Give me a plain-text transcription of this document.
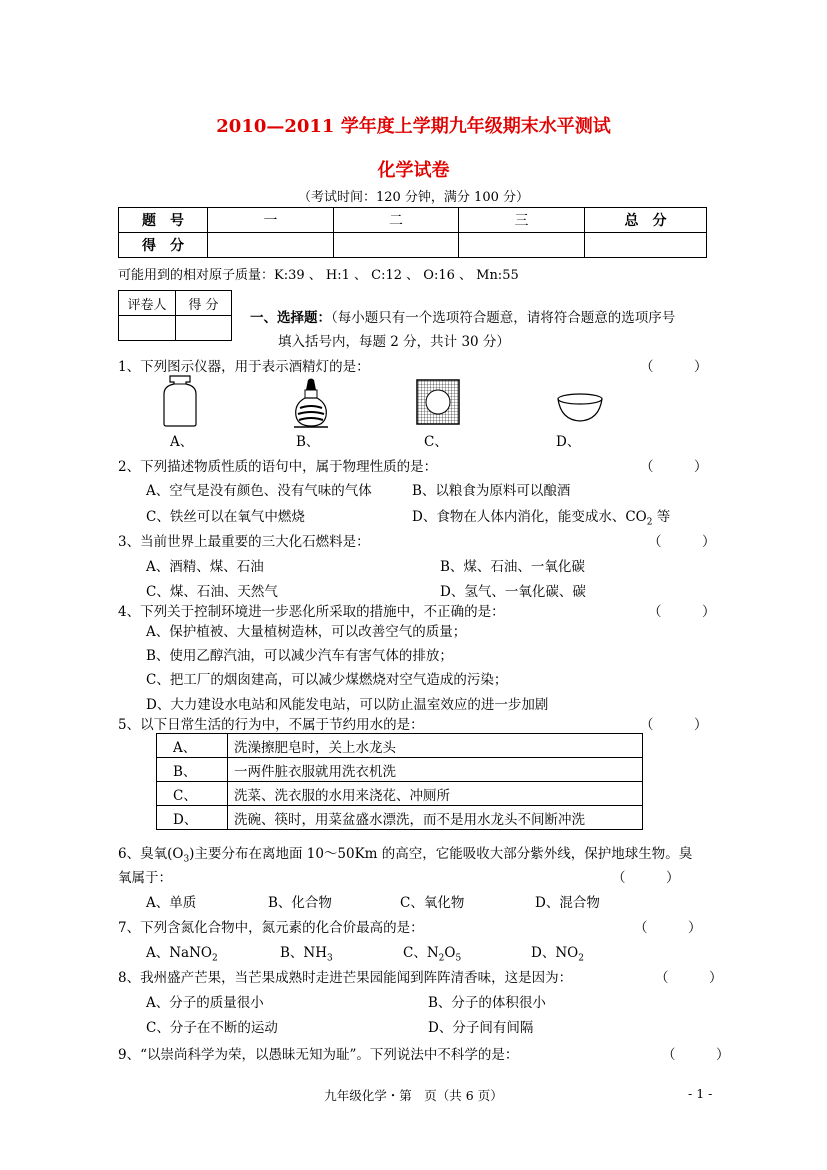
2010—2011 学年度上学期九年级期末水平测试
化学试卷
（考试时间：120 分钟，满分 100 分）
题　号	一	二	三	总　分
得　分				
可能用到的相对原子质量：K:39 、 H:1 、 C:12 、 O:16 、 Mn:55
评卷人	得 分

一、选择题：（每小题只有一个选项符合题意，请将符合题意的选项序号
填入括号内，每题 2 分，共计 30 分）
1、下列图示仪器，用于表示酒精灯的是：	（　　　）
A、	B、	C、	D、
2、下列描述物质性质的语句中，属于物理性质的是：	（　　　）
A、空气是没有颜色、没有气味的气体	B、以粮食为原料可以酿酒
C、铁丝可以在氧气中燃烧	D、食物在人体内消化，能变成水、$CO_2$ 等
3、当前世界上最重要的三大化石燃料是：	（　　　）
A、酒精、煤、石油	B、煤、石油、一氧化碳
C、煤、石油、天然气	D、氢气、一氧化碳、碳
4、下列关于控制环境进一步恶化所采取的措施中，不正确的是：	（　　　）
A、保护植被、大量植树造林，可以改善空气的质量；
B、使用乙醇汽油，可以减少汽车有害气体的排放；
C、把工厂的烟囱建高，可以减少煤燃烧对空气造成的污染；
D、大力建设水电站和风能发电站，可以防止温室效应的进一步加剧
5、以下日常生活的行为中，不属于节约用水的是：	（　　　）
A、	洗澡擦肥皂时，关上水龙头
B、	一两件脏衣服就用洗衣机洗
C、	洗菜、洗衣服的水用来浇花、冲厕所
D、	洗碗、筷时，用菜盆盛水漂洗，而不是用水龙头不间断冲洗
6、臭氧$(O_3)$主要分布在离地面 10～50Km 的高空，它能吸收大部分紫外线，保护地球生物。臭
氧属于：	（　　　）
A、单质	B、化合物	C、氧化物	D、混合物
7、下列含氮化合物中，氮元素的化合价最高的是：	（　　　）
A、NaNO$_2$	B、$NH_3$	C、$N_2O_5$	D、$NO_2$
8、我州盛产芒果，当芒果成熟时走进芒果园能闻到阵阵清香味，这是因为：	（　　　）
A、分子的质量很小	B、分子的体积很小
C、分子在不断的运动	D、分子间有间隔
9、“以崇尚科学为荣，以愚昧无知为耻”。下列说法中不科学的是：	（　　　）
九年级化学・第　页（共 6 页）	- 1 -
